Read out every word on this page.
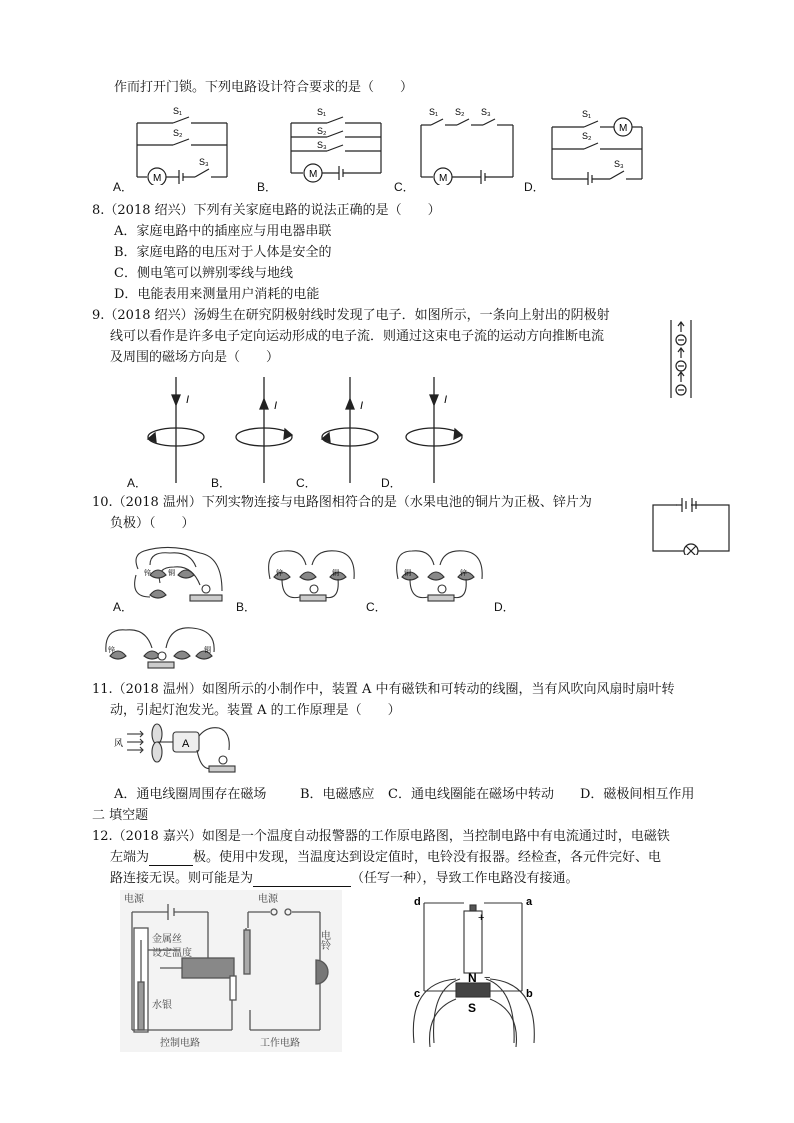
作而打开门锁。下列电路设计符合要求的是（　　）
M
S₁
S₂
S₃
A．
M
S₁
S₂
S₃
B．
M
S₁ S₂ S₃
C．
M
S₁
S₂
S₃
D．
8.（2018 绍兴）下列有关家庭电路的说法正确的是（　　）
A．家庭电路中的插座应与用电器串联
B．家庭电路的电压对于人体是安全的
C．侧电笔可以辨别零线与地线
D．电能表用来测量用户消耗的电能
9.（2018 绍兴）汤姆生在研究阴极射线时发现了电子．如图所示，一条向上射出的阴极射
线可以看作是许多电子定向运动形成的电子流．则通过这束电子流的运动方向推断电流
及周围的磁场方向是（　　）
I	I	I	I
A．	B．	C．	D．
10.（2018 温州）下列实物连接与电路图相符合的是（水果电池的铜片为正极、锌片为
负极）（　　）
锌 铜
A．
锌	铜
B．
铜	锌
C．	D．
锌	铜
11.（2018 温州）如图所示的小制作中，装置 A 中有磁铁和可转动的线圈，当有风吹向风扇时扇叶转
动，引起灯泡发光。装置 A 的工作原理是（　　）
风	A
A．通电线圈周围存在磁场	B．电磁感应 C．通电线圈能在磁场中转动 D．磁极间相互作用
二 填空题
12.（2018 嘉兴）如图是一个温度自动报警器的工作原电路图，当控制电路中有电流通过时，电磁铁
左端为	极。使用中发现，当温度达到设定值时，电铃没有报器。经检查，各元件完好、电
路连接无误。则可能是为	（任写一种），导致工作电路没有接通。
电源	电源
金属丝
设定温度
水银
电铃
控制电路	工作电路
d	a
c	b
N
S
+
−
